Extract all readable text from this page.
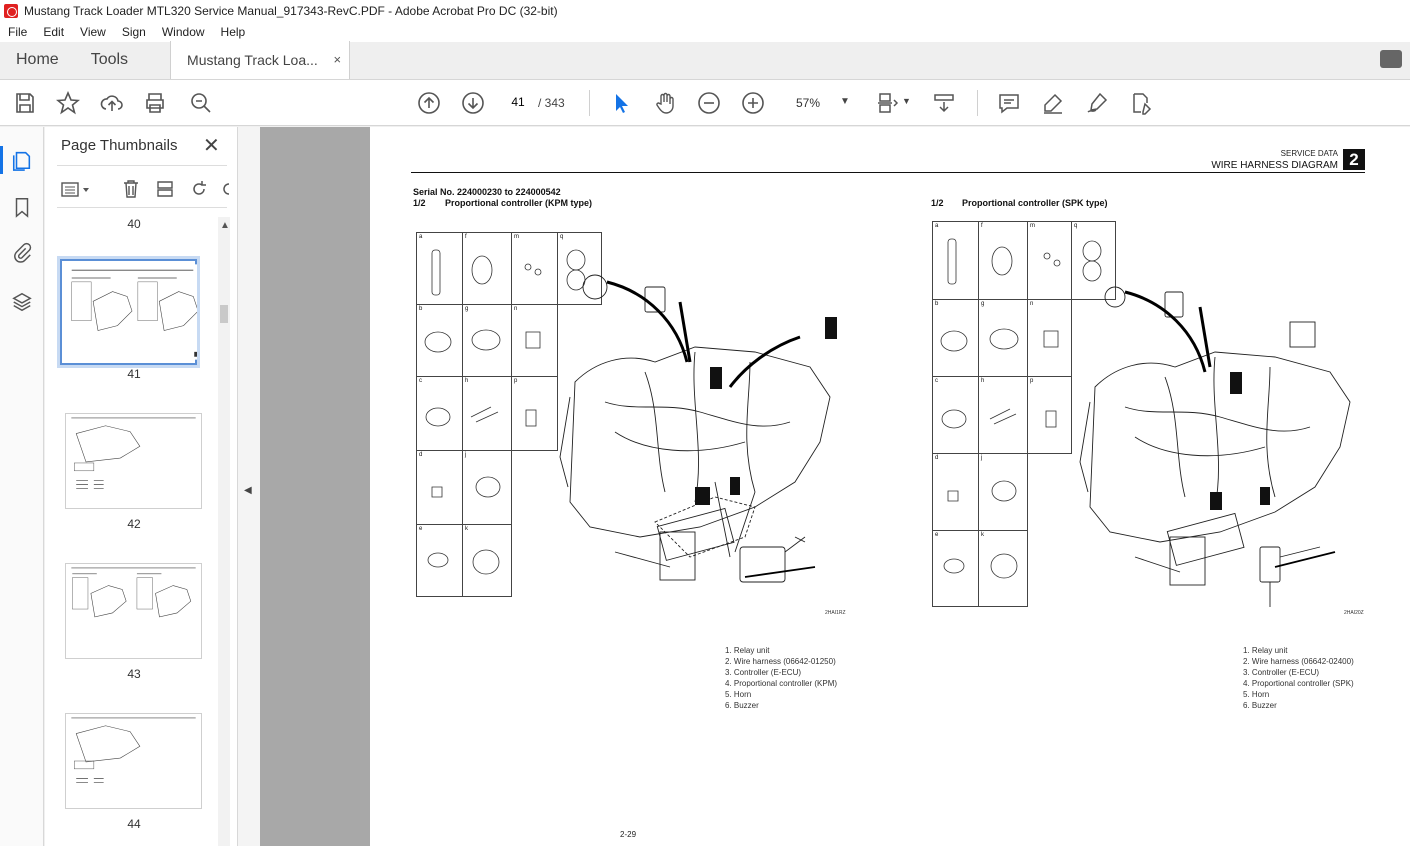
Mustang Track Loader MTL320 Service Manual_917343-RevC.PDF - Adobe Acrobat Pro DC (32-bit)
File	Edit	View	Sign	Window	Help
Home	Tools	Mustang Track Loa... ×
41
/ 343	57% ▼	▼
Page Thumbnails ✕
40
41
42
43
44
▲
◀
SERVICE DATA
WIRE HARNESS DIAGRAM 2
Serial No. 224000230 to 224000542
1/2 Proportional controller (KPM type)	1/2 Proportional controller (SPK type)
a	f	m	q
b	g	n
c	h	p
d	j
e	k
2HAI1RZ
1. Relay unit
2. Wire harness (06642-01250)
3. Controller (E-ECU)
4. Proportional controller (KPM)
5. Horn
6. Buzzer
a	f	m	q
b	g	n
c	h	p
d	j
e	k
2HAI20Z
1. Relay unit
2. Wire harness (06642-02400)
3. Controller (E-ECU)
4. Proportional controller (SPK)
5. Horn
6. Buzzer
2-29
